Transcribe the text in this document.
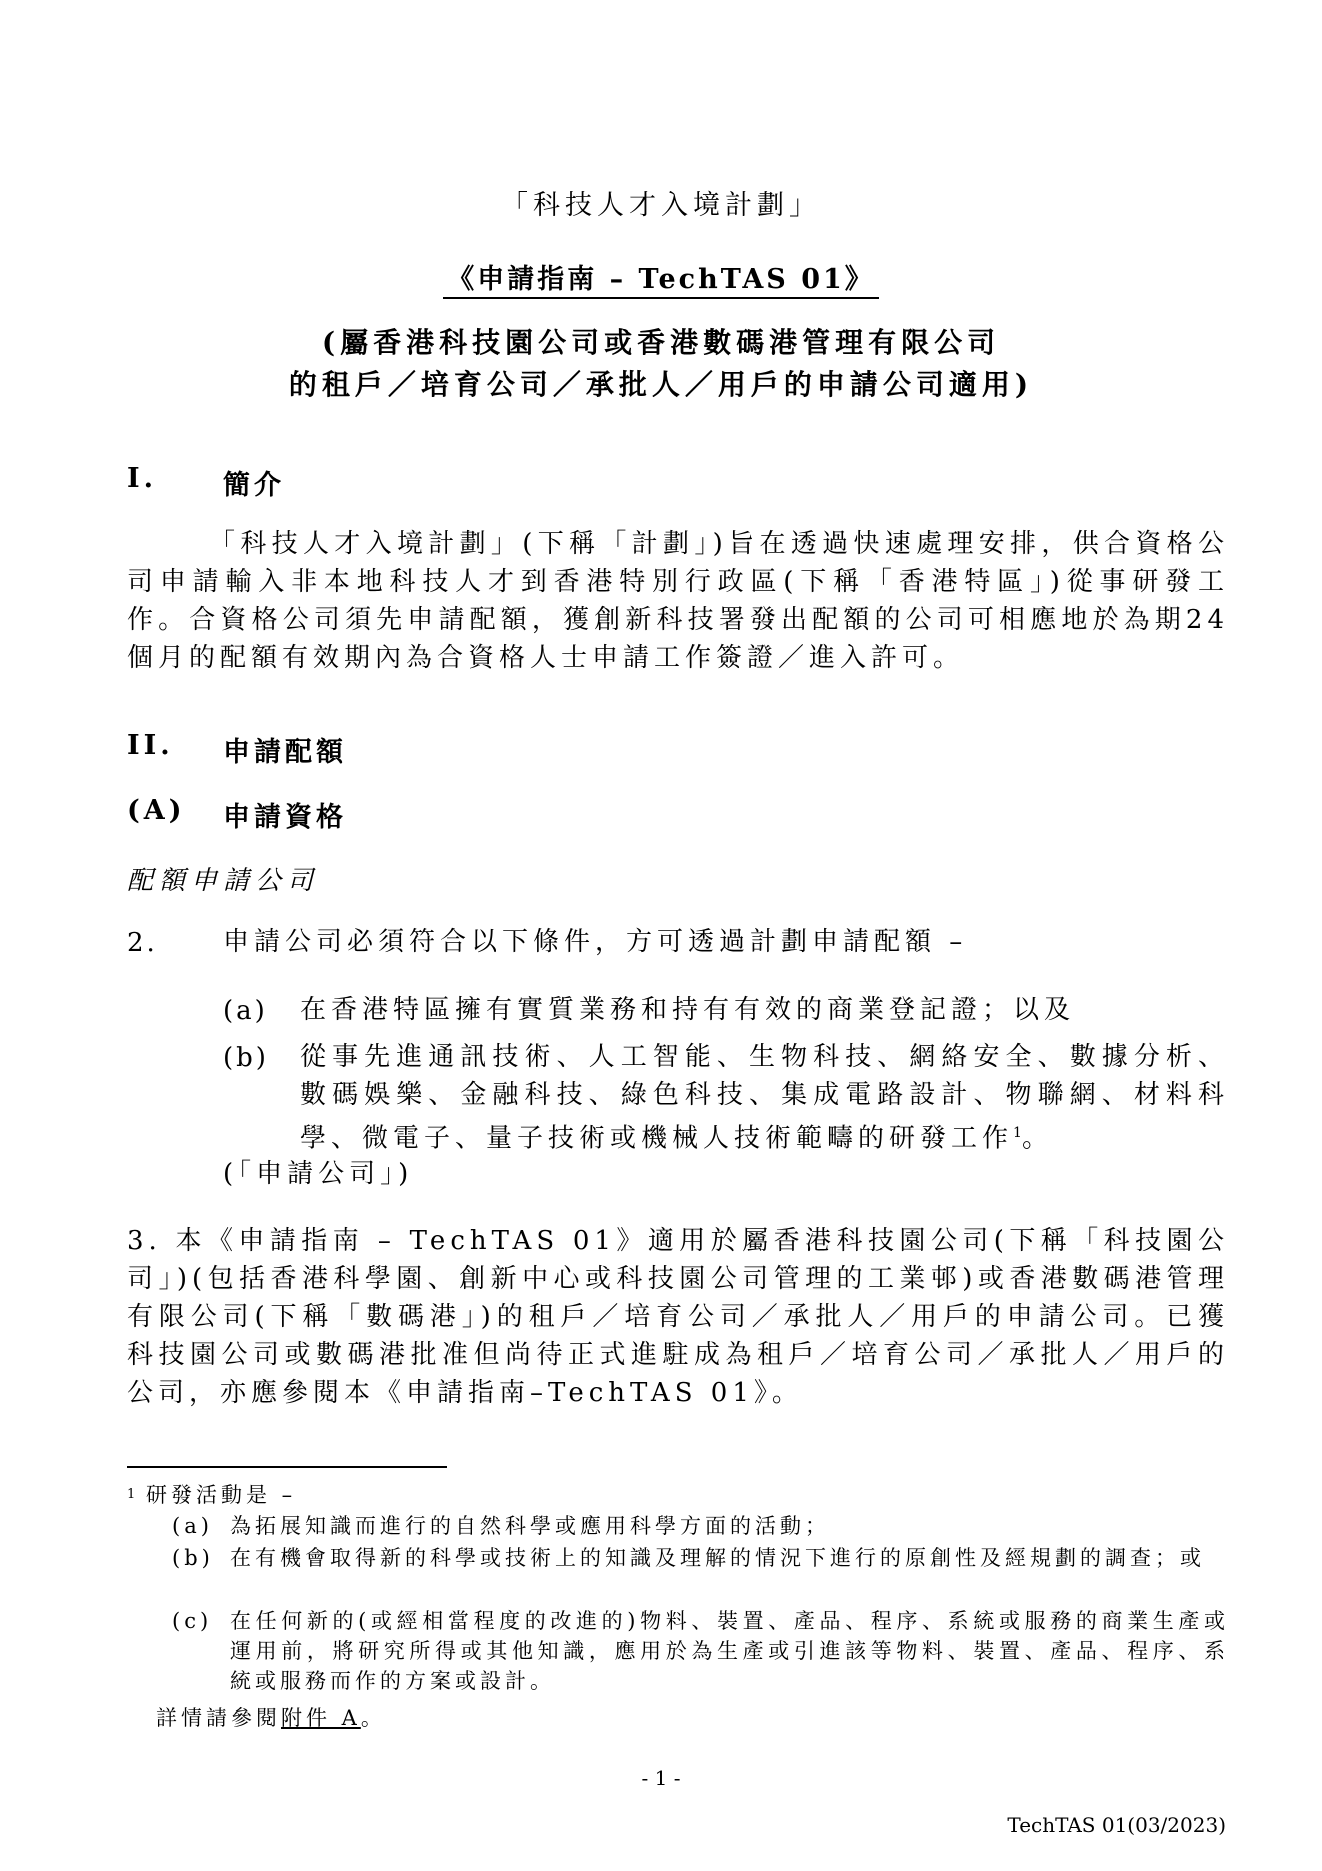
「科技人才入境計劃」
《申請指南 – TechTAS 01》
(屬香港科技園公司或香港數碼港管理有限公司
的租戶／培育公司／承批人／用戶的申請公司適用)
I. 簡介
「科技人才入境計劃」(下稱「計劃」)旨在透過快速處理安排，供合資格公司申請輸入非本地科技人才到香港特別行政區(下稱「香港特區」)從事研發工作。合資格公司須先申請配額，獲創新科技署發出配額的公司可相應地於為期24個月的配額有效期內為合資格人士申請工作簽證／進入許可。
II. 申請配額
(A) 申請資格
配額申請公司
2.	申請公司必須符合以下條件，方可透過計劃申請配額 –
(a) 在香港特區擁有實質業務和持有有效的商業登記證；以及
(b) 從事先進通訊技術、人工智能、生物科技、網絡安全、數據分析、數碼娛樂、金融科技、綠色科技、集成電路設計、物聯網、材料科學、微電子、量子技術或機械人技術範疇的研發工作$^1$。
(「申請公司」)
3. 本《申請指南 – TechTAS 01》適用於屬香港科技園公司(下稱「科技園公司」)(包括香港科學園、創新中心或科技園公司管理的工業邨)或香港數碼港管理有限公司(下稱「數碼港」)的租戶／培育公司／承批人／用戶的申請公司。已獲科技園公司或數碼港批准但尚待正式進駐成為租戶／培育公司／承批人／用戶的公司，亦應參閱本《申請指南–TechTAS 01》。
$^1$ 研發活動是 –
(a) 為拓展知識而進行的自然科學或應用科學方面的活動；
(b) 在有機會取得新的科學或技術上的知識及理解的情況下進行的原創性及經規劃的調查；或
(c) 在任何新的(或經相當程度的改進的)物料、裝置、產品、程序、系統或服務的商業生產或運用前，將研究所得或其他知識，應用於為生產或引進該等物料、裝置、產品、程序、系統或服務而作的方案或設計。
詳情請參閱附件 A。
- 1 -
TechTAS 01(03/2023)
